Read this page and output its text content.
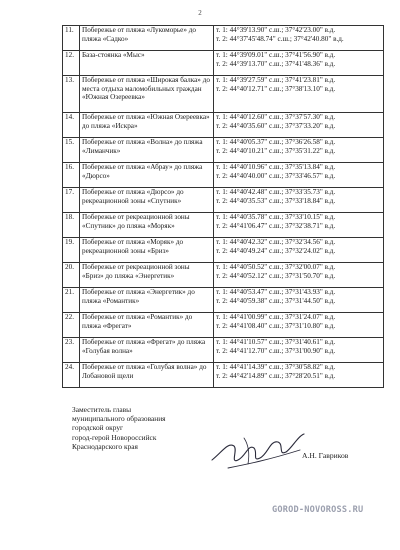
2
11.	Побережье от пляжа «Лукоморье» до пляжа «Садко»	т. 1: 44°39'13.90" с.ш.; 37°42'23.00" в.д.
т. 2: 44°37'45'48.74" с.ш.; 37°42'40.80" в.д.

12.	База-стоянка «Мыс»	т. 1: 44°39'09.01" с.ш.; 37°41'56.90" в.д.
т. 2: 44°39'13.70" с.ш.; 37°41'48.36" в.д.

13.	Побережье от пляжа «Широкая балка» до места отдыха маломобильных граждан «Южная Озереевка»	т. 1: 44°39'27.59" с.ш.; 37°41'23.81" в.д.
т. 2: 44°40'12.71" с.ш.; 37°38'13.10" в.д.

14.	Побережье от пляжа «Южная Озереевка» до пляжа «Искра»	т. 1: 44°40'12.60" с.ш.; 37°37'57.30" в.д.
т. 2: 44°40'35.60" с.ш.; 37°37'33.20" в.д.

15.	Побережье от пляжа «Волна» до пляжа «Лиманчик»	т. 1: 44°40'05.37" с.ш.; 37°36'26.58" в.д.
т. 2: 44°40'10.21" с.ш.; 37°35'31.22" в.д.

16.	Побережье от пляжа «Абрау» до пляжа «Дюрсо»	т. 1: 44°40'10.96" с.ш.; 37°35'13.84" в.д.
т. 2: 44°40'40.00" с.ш.; 37°33'46.57" в.д.

17.	Побережье от пляжа «Дюрсо» до рекреационной зоны «Спутник»	т. 1: 44°40'42.48" с.ш.; 37°33'35.73" в.д.
т. 2: 44°40'35.53" с.ш.; 37°33'18.84" в.д.

18.	Побережье от рекреационной зоны «Спутник» до пляжа «Моряк»	т. 1: 44°40'35.78" с.ш.; 37°33'10.15" в.д.
т. 2: 44°41'06.47" с.ш.; 37°32'38.71" в.д.

19.	Побережье от пляжа «Моряк» до рекреационной зоны «Бриз»	т. 1: 44°40'42.32" с.ш.; 37°32'34.56" в.д.
т. 2: 44°40'49.24" с.ш.; 37°32'24.02" в.д.

20.	Побережье от рекреационной зоны «Бриз» до пляжа «Энергетик»	т. 1: 44°40'50.52" с.ш.; 37°32'00.07" в.д.
т. 2: 44°40'52.12" с.ш.; 37°31'50.70" в.д.

21.	Побережье от пляжа «Энергетик» до пляжа «Романтик»	т. 1: 44°40'53.47" с.ш.; 37°31'43.93" в.д.
т. 2: 44°40'59.38" с.ш.; 37°31'44.50" в.д.

22.	Побережье от пляжа «Романтик» до пляжа «Фрегат»	т. 1: 44°41'00.99" с.ш.; 37°31'24.07" в.д.
т. 2: 44°41'08.40" с.ш.; 37°31'10.80" в.д.

23.	Побережье от пляжа «Фрегат» до пляжа «Голубая волна»	т. 1: 44°41'10.57" с.ш.; 37°31'40.61" в.д.
т. 2: 44°41'12.70" с.ш.; 37°31'00.90" в.д.

24.	Побережье от пляжа «Голубая волна» до Лобановой щели	т. 1: 44°41'14.39" с.ш.; 37°30'58.82" в.д.
т. 2: 44°42'14.89" с.ш.; 37°28'20.51" в.д.
Заместитель главы
муниципального образования
городской округ
город-герой Новороссийск
Краснодарского края
А.Н. Гавриков
GOROD-NOVOROSS.RU
